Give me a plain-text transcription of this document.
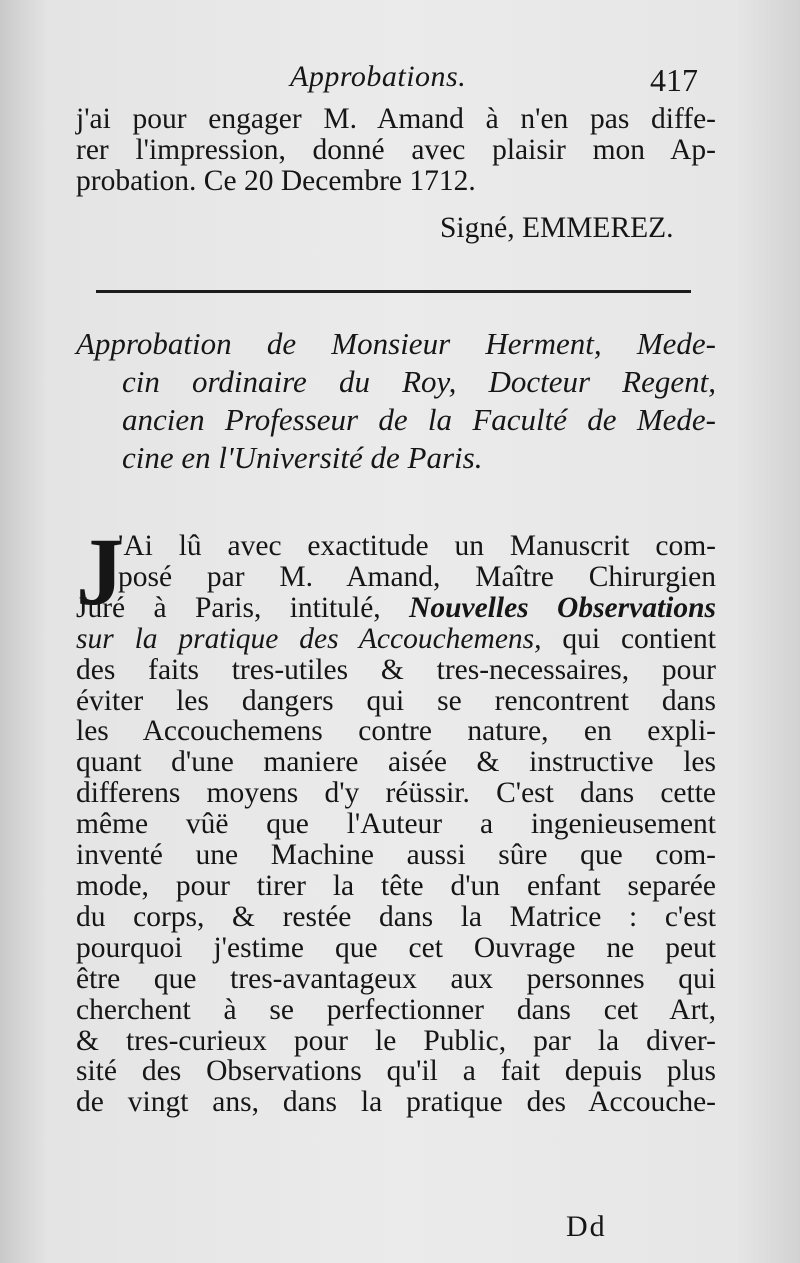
Approbations.	417
j'ai pour engager M. Amand à n'en pas diffe-
rer l'impression, donné avec plaisir mon Ap-
probation. Ce 20 Decembre 1712.
Signé, EMMEREZ.
Approbation de Monsieur Herment, Mede-
cin ordinaire du Roy, Docteur Regent,
ancien Professeur de la Faculté de Mede-
cine en l'Université de Paris.
J
'Ai lû avec exactitude un Manuscrit com-
posé par M. Amand, Maître Chirurgien
Juré à Paris, intitulé, Nouvelles Observations
sur la pratique des Accouchemens, qui contient
des faits tres-utiles & tres-necessaires, pour
éviter les dangers qui se rencontrent dans
les Accouchemens contre nature, en expli-
quant d'une maniere aisée & instructive les
differens moyens d'y réüssir. C'est dans cette
même vûë que l'Auteur a ingenieusement
inventé une Machine aussi sûre que com-
mode, pour tirer la tête d'un enfant separée
du corps, & restée dans la Matrice : c'est
pourquoi j'estime que cet Ouvrage ne peut
être que tres-avantageux aux personnes qui
cherchent à se perfectionner dans cet Art,
& tres-curieux pour le Public, par la diver-
sité des Observations qu'il a fait depuis plus
de vingt ans, dans la pratique des Accouche-
Dd
